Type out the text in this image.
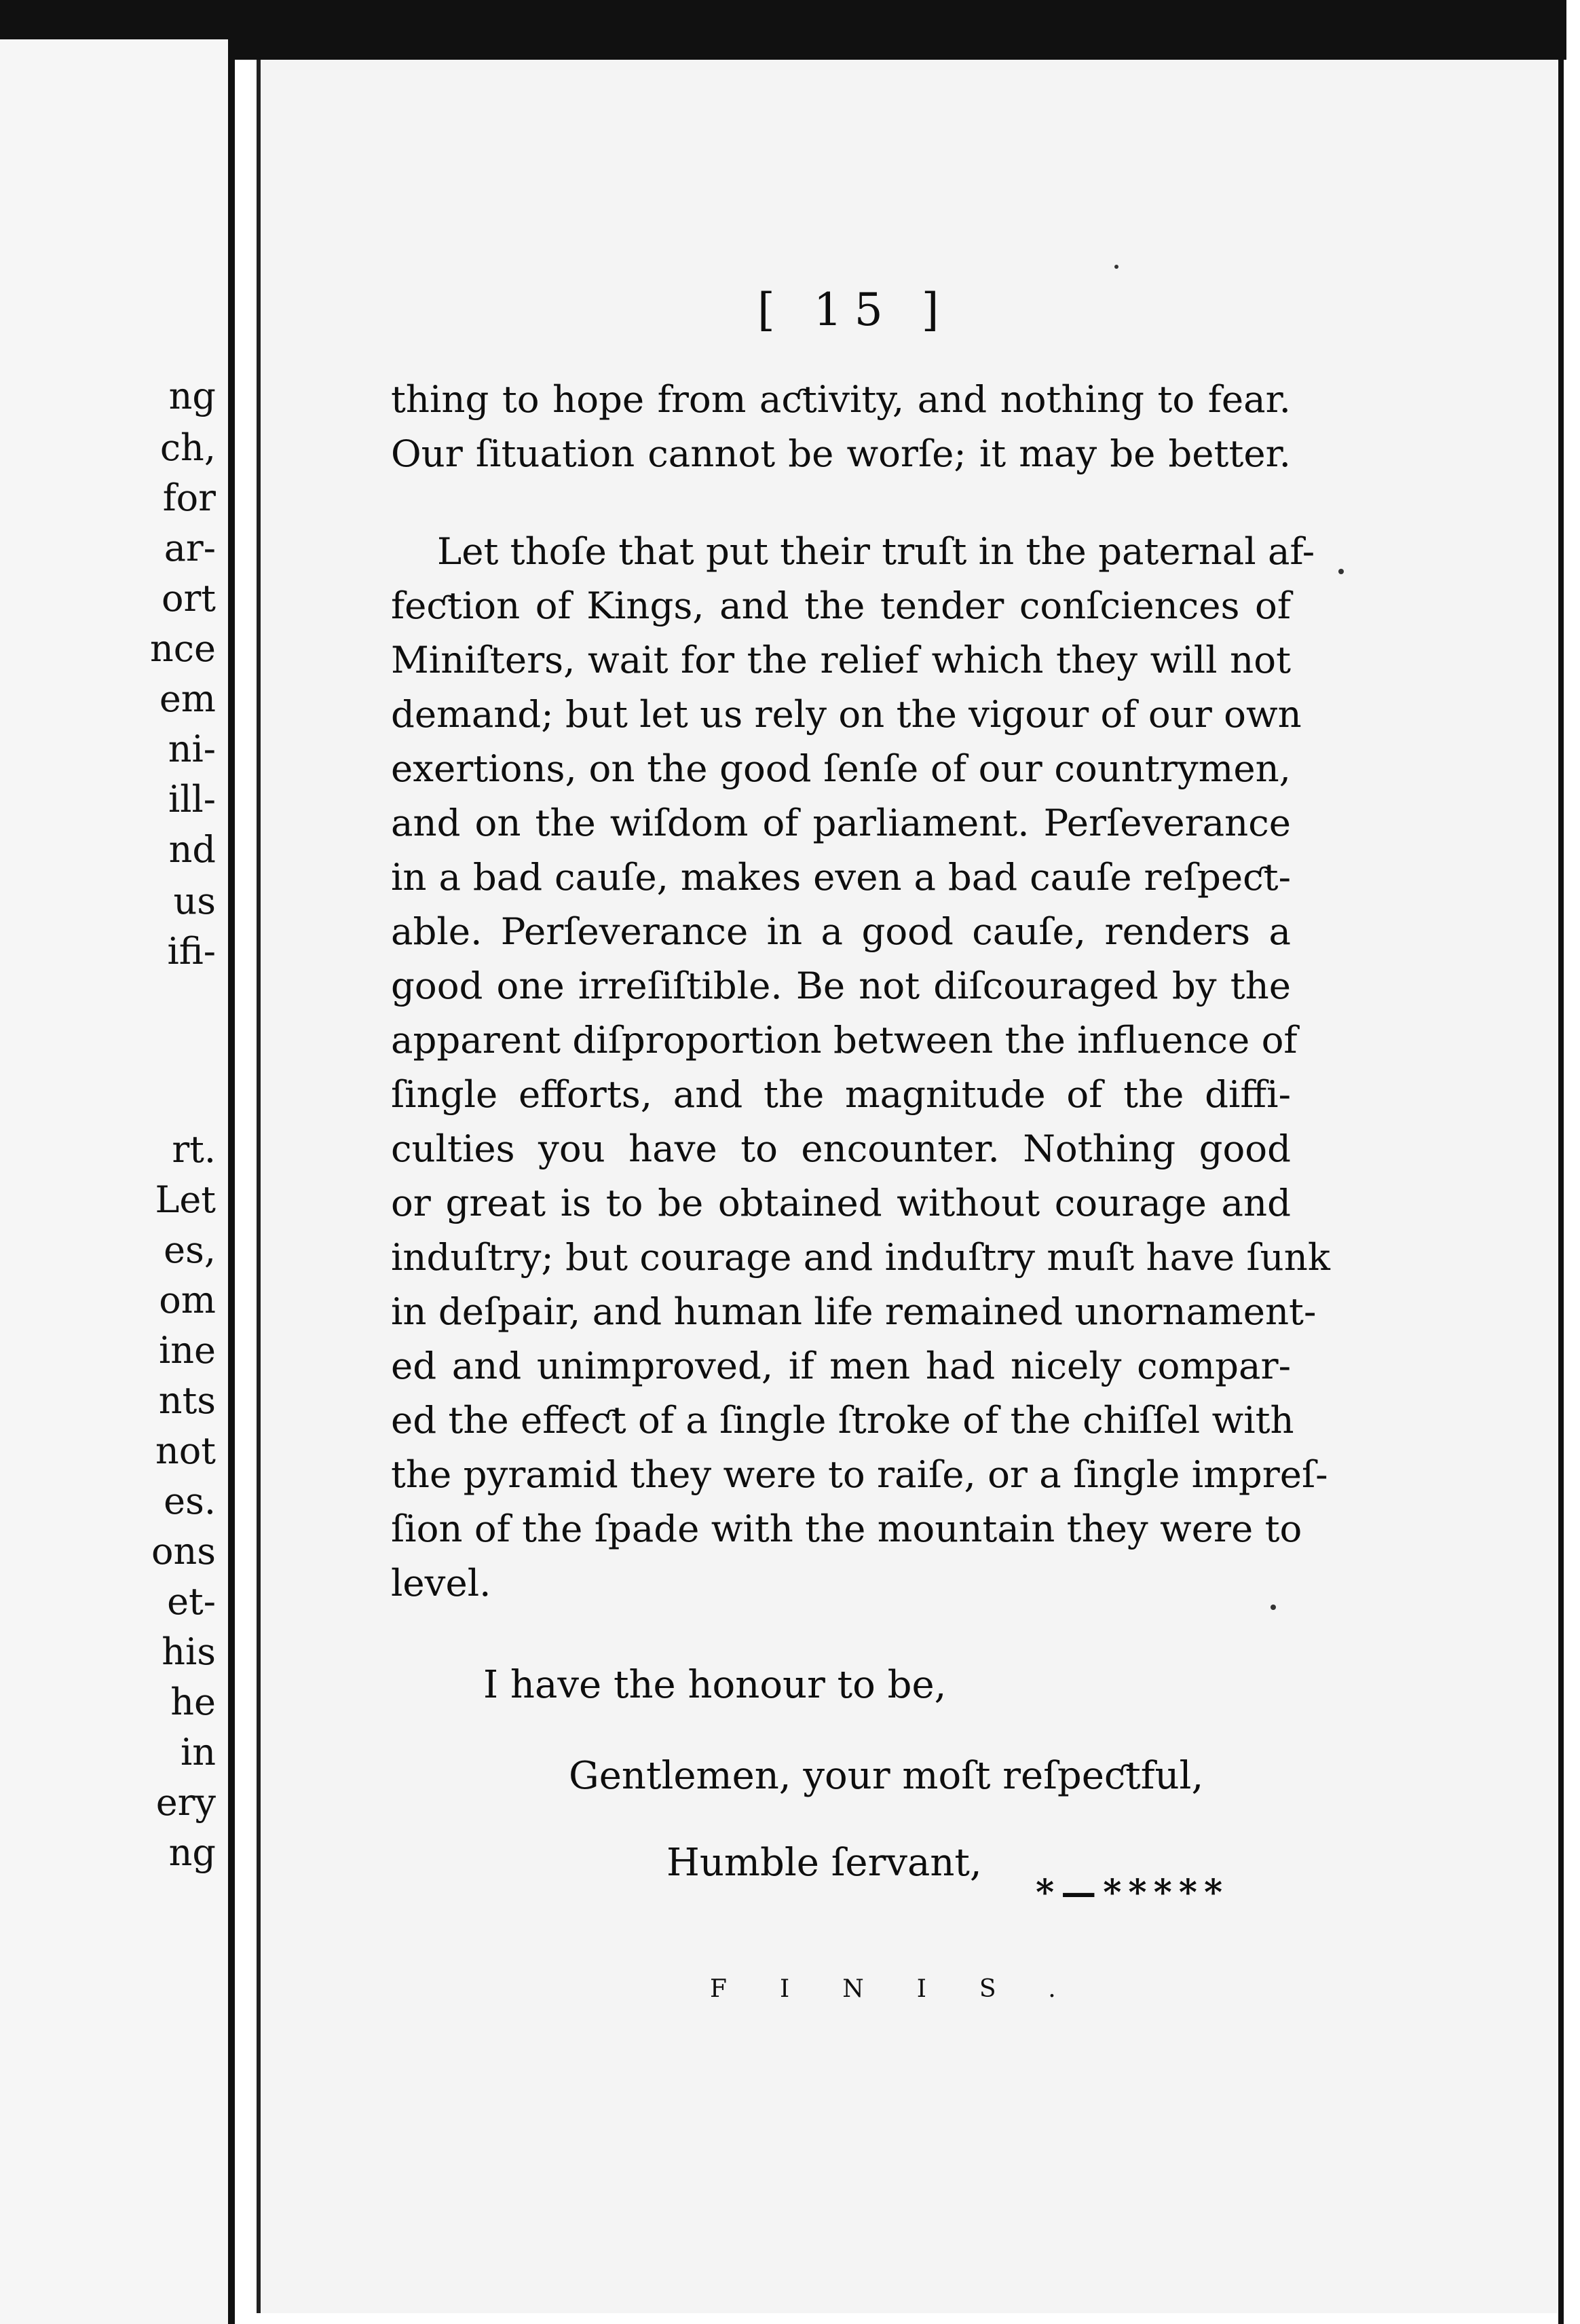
ng
ch,
for
ar-
ort
nce
em
ni-
ill-
nd
us
ifi-
rt.
Let
es,
om
ine
nts
not
es.
ons
et-
his
he
in
ery
ng
[ 15 ]
thing to hope from aƈtivity, and nothing to fear.
Our ſituation cannot be worſe; it may be better.
Let thoſe that put their truſt in the paternal af-
feƈtion of Kings, and the tender conſciences of
Miniſters, wait for the relief which they will not
demand; but let us rely on the vigour of our own
exertions, on the good ſenſe of our countrymen,
and on the wiſdom of parliament. Perſeverance
in a bad cauſe, makes even a bad cauſe reſpeƈt-
able. Perſeverance in a good cauſe, renders a
good one irreſiſtible. Be not diſcouraged by the
apparent diſproportion between the influence of
ſingle efforts, and the magnitude of the diffi-
culties you have to encounter. Nothing good
or great is to be obtained without courage and
induſtry; but courage and induſtry muſt have ſunk
in deſpair, and human life remained unornament-
ed and unimproved, if men had nicely compar-
ed the effeƈt of a ſingle ſtroke of the chiſſel with
the pyramid they were to raiſe, or a ſingle impreſ-
ſion of the ſpade with the mountain they were to
level.
I have the honour to be,
Gentlemen, your moſt reſpeƈtful,
Humble ſervant,
*—*****
FINIS.
